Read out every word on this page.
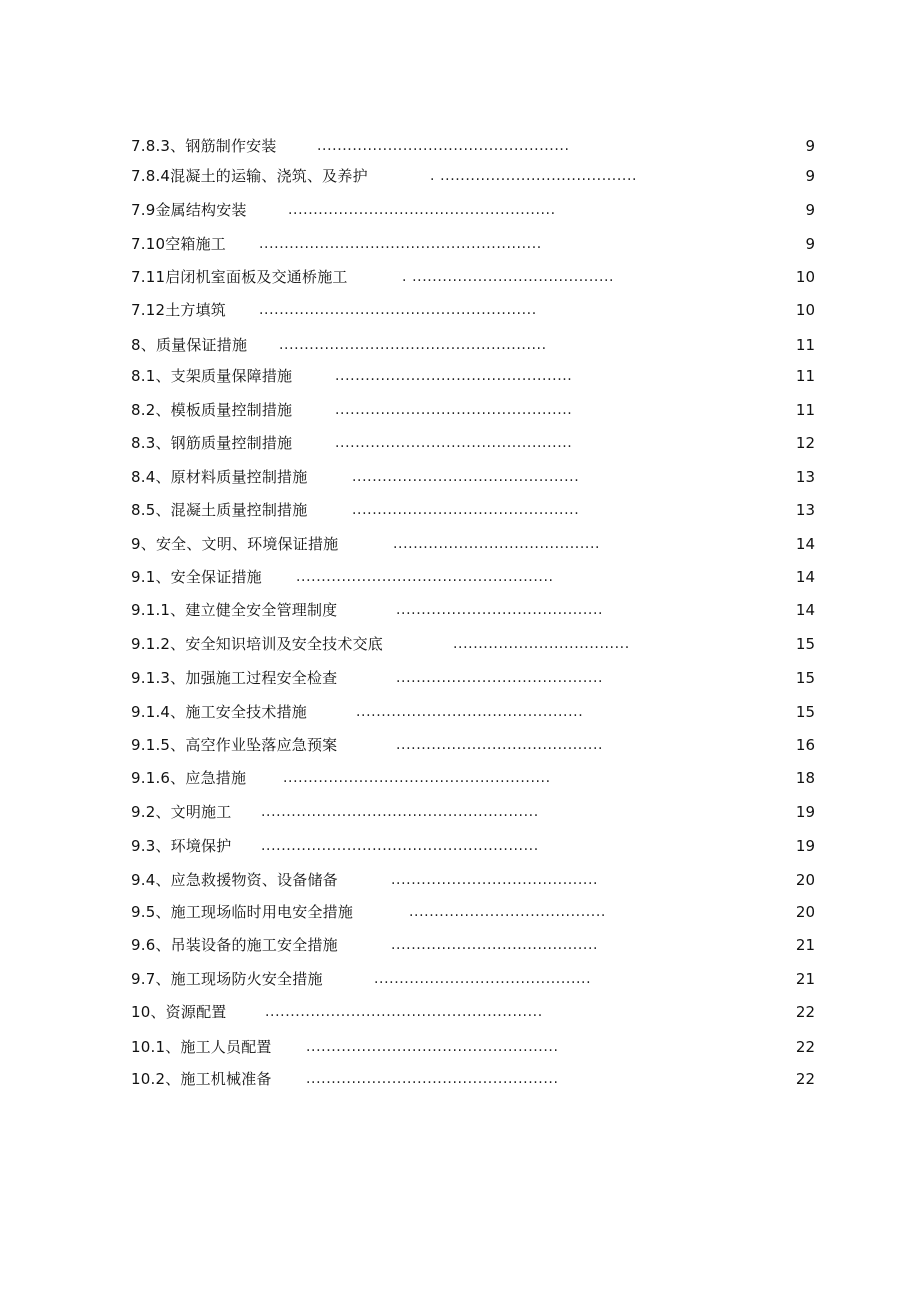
7.8.3、钢筋制作安装	..................................................	9
7.8.4混凝土的运输、浇筑、及养护	. .......................................	9
7.9金属结构安装	.....................................................	9
7.10空箱施工 ........................................................	9
7.11启闭机室面板及交通桥施工	. ........................................	10
7.12土方填筑 .......................................................	10
8、质量保证措施 .....................................................	11
8.1、支架质量保障措施	...............................................	11
8.2、模板质量控制措施	...............................................	11
8.3、钢筋质量控制措施	...............................................	12
8.4、原材料质量控制措施	.............................................	13
8.5、混凝土质量控制措施	.............................................	13
9、安全、文明、环境保证措施	.........................................	14
9.1、安全保证措施 ...................................................	14
9.1.1、建立健全安全管理制度	.........................................	14
9.1.2、安全知识培训及安全技术交底	...................................	15
9.1.3、加强施工过程安全检查	.........................................	15
9.1.4、施工安全技术措施	.............................................	15
9.1.5、高空作业坠落应急预案	.........................................	16
9.1.6、应急措施	.....................................................	18
9.2、文明施工 .......................................................	19
9.3、环境保护 .......................................................	19
9.4、应急救援物资、设备储备	.........................................	20
9.5、施工现场临时用电安全措施	.......................................	20
9.6、吊装设备的施工安全措施	.........................................	21
9.7、施工现场防火安全措施	...........................................	21
10、资源配置	.......................................................	22
10.1、施工人员配置 ..................................................	22
10.2、施工机械准备 ..................................................	22
